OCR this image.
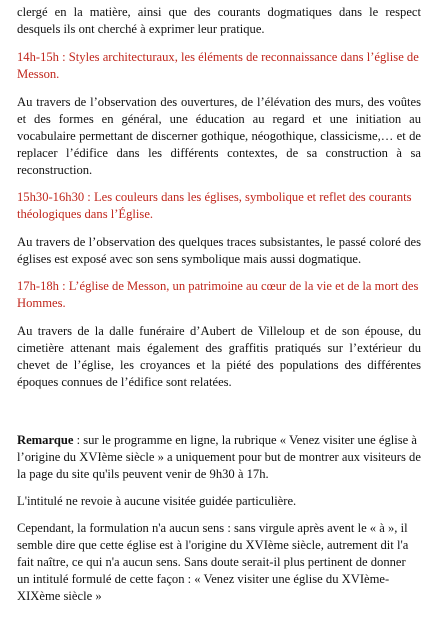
clergé en la matière, ainsi que des courants dogmatiques dans le respect desquels ils ont cherché à exprimer leur pratique.

14h-15h : Styles architecturaux, les éléments de reconnaissance dans l’église de Messon.

Au travers de l’observation des ouvertures, de l’élévation des murs, des voûtes et des formes en général, une éducation au regard et une initiation au vocabulaire permettant de discerner gothique, néogothique, classicisme,… et de replacer l’édifice dans les différents contextes, de sa construction à sa reconstruction.

15h30-16h30 : Les couleurs dans les églises, symbolique et reflet des courants théologiques dans l’Église.

Au travers de l’observation des quelques traces subsistantes, le passé coloré des églises est exposé avec son sens symbolique mais aussi dogmatique.

17h-18h : L’église de Messon, un patrimoine au cœur de la vie et de la mort des Hommes.

Au travers de la dalle funéraire d’Aubert de Villeloup et de son épouse, du cimetière attenant mais également des graffitis pratiqués sur l’extérieur du chevet de l’église, les croyances et la piété des populations des différentes époques connues de l’édifice sont relatées.

Remarque : sur le programme en ligne, la rubrique « Venez visiter une église à l’origine du XVIème siècle » a uniquement pour but de montrer aux visiteurs de la page du site qu'ils peuvent venir de 9h30 à 17h.

L'intitulé ne revoie à aucune visitée guidée particulière.

Cependant, la formulation n'a aucun sens : sans virgule après avent le « à », il semble dire que cette église est à l'origine du XVIème siècle, autrement dit l'a fait naître, ce qui n'a aucun sens. Sans doute serait-il plus pertinent de donner un intitulé formulé de cette façon : « Venez visiter une église du XVIème-XIXème siècle »
